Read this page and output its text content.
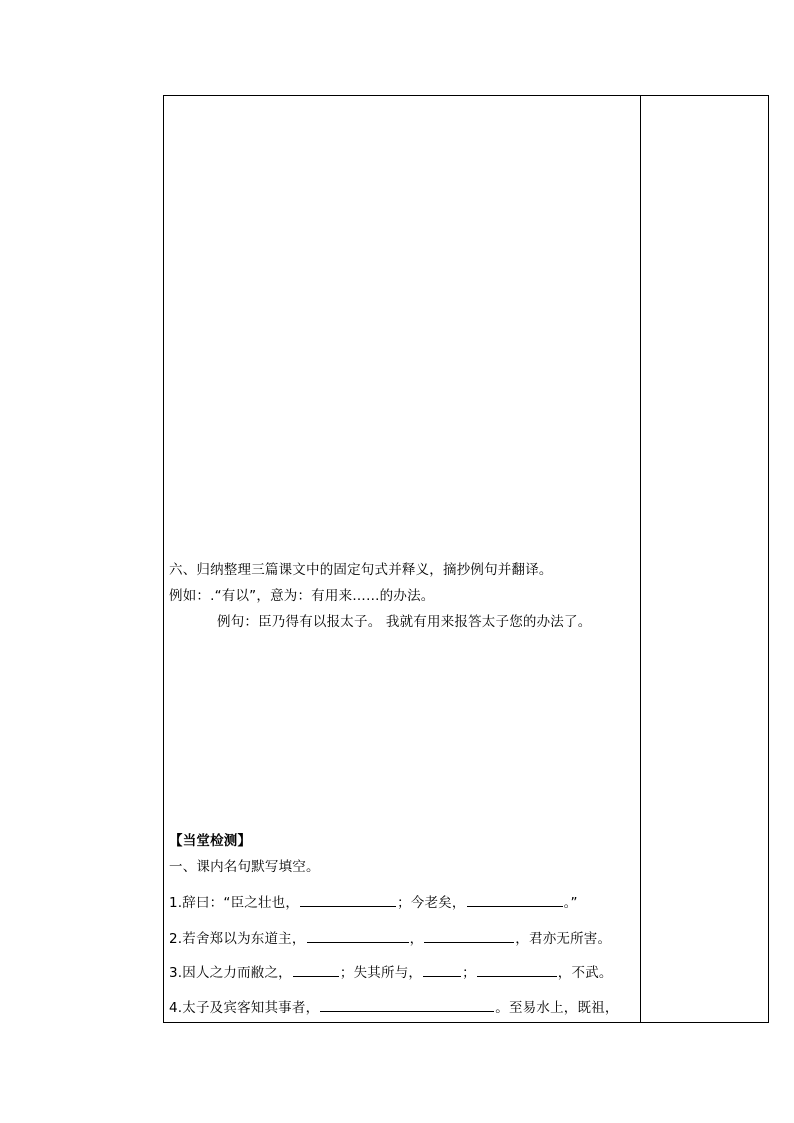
六、归纳整理三篇课文中的固定句式并释义，摘抄例句并翻译。
例如：.“有以”，意为：有用来……的办法。
例句：臣乃得有以报太子。 我就有用来报答太子您的办法了。
【当堂检测】
一、课内名句默写填空。
1.辞曰：“臣之壮也，	；今老矣，	。”
2.若舍郑以为东道主，	，	，君亦无所害。
3.因人之力而敝之，	；失其所与，	；	，不武。
4.太子及宾客知其事者，	。至易水上，既祖，
